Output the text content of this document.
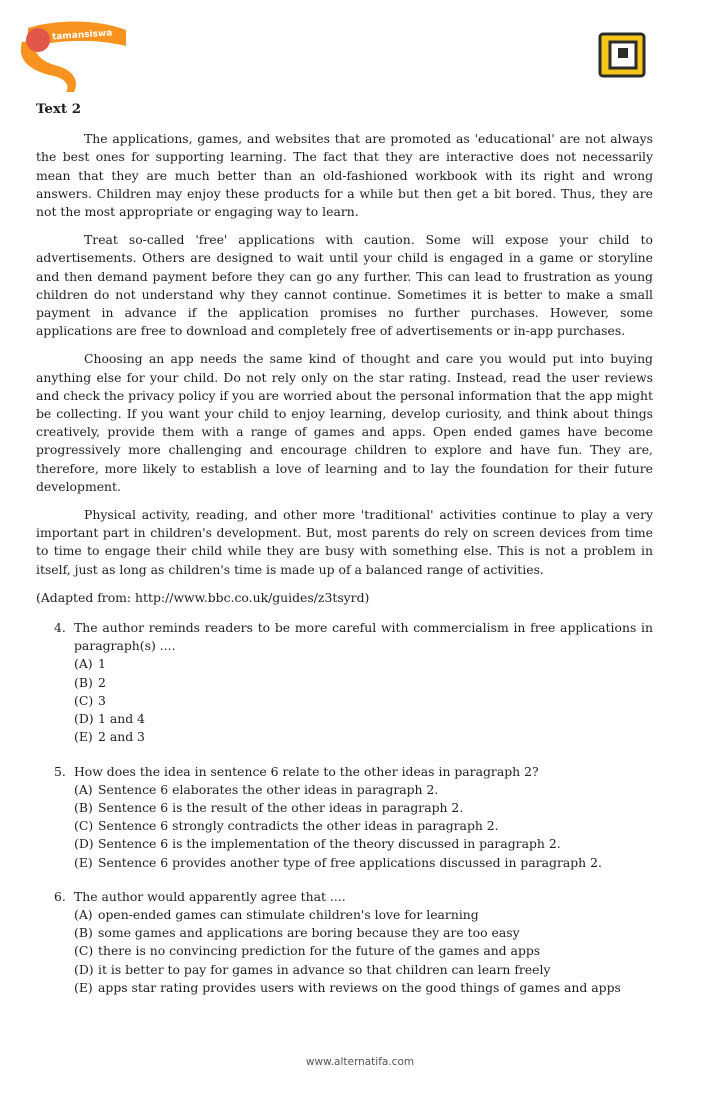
tamansiswa
Text 2

The applications, games, and websites that are promoted as 'educational' are not always the best ones for supporting learning. The fact that they are interactive does not necessarily mean that they are much better than an old-fashioned workbook with its right and wrong answers. Children may enjoy these products for a while but then get a bit bored. Thus, they are not the most appropriate or engaging way to learn.

Treat so-called 'free' applications with caution. Some will expose your child to advertisements. Others are designed to wait until your child is engaged in a game or storyline and then demand payment before they can go any further. This can lead to frustration as young children do not understand why they cannot continue. Sometimes it is better to make a small payment in advance if the application promises no further purchases. However, some applications are free to download and completely free of advertisements or in-app purchases.

Choosing an app needs the same kind of thought and care you would put into buying anything else for your child. Do not rely only on the star rating. Instead, read the user reviews and check the privacy policy if you are worried about the personal information that the app might be collecting. If you want your child to enjoy learning, develop curiosity, and think about things creatively, provide them with a range of games and apps. Open ended games have become progressively more challenging and encourage children to explore and have fun. They are, therefore, more likely to establish a love of learning and to lay the foundation for their future development.

Physical activity, reading, and other more 'traditional' activities continue to play a very important part in children's development. But, most parents do rely on screen devices from time to time to engage their child while they are busy with something else. This is not a problem in itself, just as long as children's time is made up of a balanced range of activities.

(Adapted from: http://www.bbc.co.uk/guides/z3tsyrd)
4. The author reminds readers to be more careful with commercialism in free applications in paragraph(s) ....
(A) 1
(B) 2
(C) 3
(D) 1 and 4
(E) 2 and 3
5. How does the idea in sentence 6 relate to the other ideas in paragraph 2?
(A) Sentence 6 elaborates the other ideas in paragraph 2.
(B) Sentence 6 is the result of the other ideas in paragraph 2.
(C) Sentence 6 strongly contradicts the other ideas in paragraph 2.
(D) Sentence 6 is the implementation of the theory discussed in paragraph 2.
(E) Sentence 6 provides another type of free applications discussed in paragraph 2.
6. The author would apparently agree that ....
(A) open-ended games can stimulate children's love for learning
(B) some games and applications are boring because they are too easy
(C) there is no convincing prediction for the future of the games and apps
(D) it is better to pay for games in advance so that children can learn freely
(E) apps star rating provides users with reviews on the good things of games and apps
www.alternatifa.com
